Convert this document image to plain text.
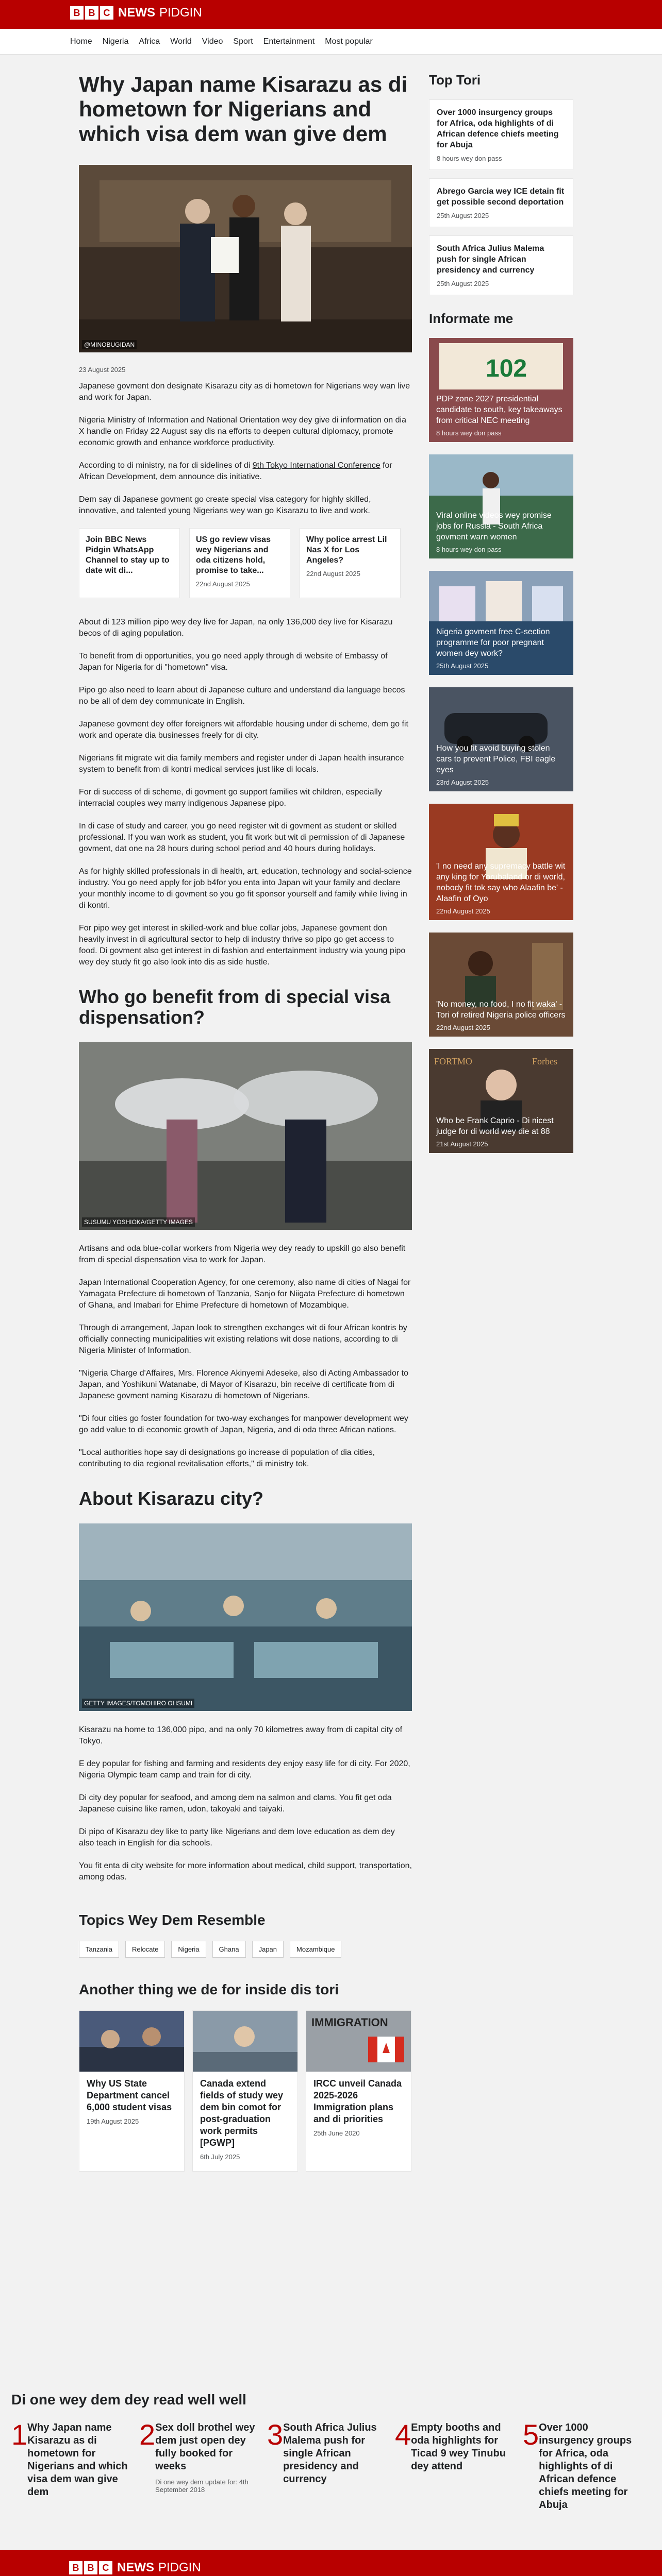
B B C NEWS PIDGIN
Home	Nigeria	Africa	World	Video	Sport	Entertainment	Most popular
Why Japan name Kisarazu as di hometown for Nigerians and which visa dem wan give dem
@MINOBUGIDAN
23 August 2025

Japanese govment don designate Kisarazu city as di hometown for Nigerians wey wan live and work for Japan.

Nigeria Ministry of Information and National Orientation wey dey give di information on dia X handle on Friday 22 August say dis na efforts to deepen cultural diplomacy, promote economic growth and enhance workforce productivity.

According to di ministry, na for di sidelines of di 9th Tokyo International Conference for African Development, dem announce dis initiative.

Dem say di Japanese govment go create special visa category for highly skilled, innovative, and talented young Nigerians wey wan go Kisarazu to live and work.

Join BBC News Pidgin WhatsApp Channel to stay up to date wit di...
US go review visas wey Nigerians and oda citizens hold, promise to take...
22nd August 2025
Why police arrest Lil Nas X for Los Angeles?
22nd August 2025

About di 123 million pipo wey dey live for Japan, na only 136,000 dey live for Kisarazu becos of di aging population.

To benefit from di opportunities, you go need apply through di website of Embassy of Japan for Nigeria for di "hometown" visa.

Pipo go also need to learn about di Japanese culture and understand dia language becos no be all of dem dey communicate in English.

Japanese govment dey offer foreigners wit affordable housing under di scheme, dem go fit work and operate dia businesses freely for di city.

Nigerians fit migrate wit dia family members and register under di Japan health insurance system to benefit from di kontri medical services just like di locals.

For di success of di scheme, di govment go support families wit children, especially interracial couples wey marry indigenous Japanese pipo.

In di case of study and career, you go need register wit di govment as student or skilled professional. If you wan work as student, you fit work but wit di permission of di Japanese govment, dat one na 28 hours during school period and 40 hours during holidays.

As for highly skilled professionals in di health, art, education, technology and social-science industry. You go need apply for job b4for you enta into Japan wit your family and declare your monthly income to di govment so you go fit sponsor yourself and family while living in di kontri.

For pipo wey get interest in skilled-work and blue collar jobs, Japanese govment don heavily invest in di agricultural sector to help di industry thrive so pipo go get access to food. Di govment also get interest in di fashion and entertainment industry wia young pipo wey dey study fit go also look into dis as side hustle.

Who go benefit from di special visa dispensation?
SUSUMU YOSHIOKA/GETTY IMAGES

Artisans and oda blue-collar workers from Nigeria wey dey ready to upskill go also benefit from di special dispensation visa to work for Japan.

Japan International Cooperation Agency, for one ceremony, also name di cities of Nagai for Yamagata Prefecture di hometown of Tanzania, Sanjo for Niigata Prefecture di hometown of Ghana, and Imabari for Ehime Prefecture di hometown of Mozambique.

Through di arrangement, Japan look to strengthen exchanges wit di four African kontris by officially connecting municipalities wit existing relations wit dose nations, according to di Nigeria Minister of Information.

"Nigeria Charge d'Affaires, Mrs. Florence Akinyemi Adeseke, also di Acting Ambassador to Japan, and Yoshikuni Watanabe, di Mayor of Kisarazu, bin receive di certificate from di Japanese govment naming Kisarazu di hometown of Nigerians.

"Di four cities go foster foundation for two-way exchanges for manpower development wey go add value to di economic growth of Japan, Nigeria, and di oda three African nations.

"Local authorities hope say di designations go increase di population of dia cities, contributing to dia regional revitalisation efforts," di ministry tok.

About Kisarazu city?
GETTY IMAGES/TOMOHIRO OHSUMI

Kisarazu na home to 136,000 pipo, and na only 70 kilometres away from di capital city of Tokyo.

E dey popular for fishing and farming and residents dey enjoy easy life for di city. For 2020, Nigeria Olympic team camp and train for di city.

Di city dey popular for seafood, and among dem na salmon and clams. You fit get oda Japanese cuisine like ramen, udon, takoyaki and taiyaki.

Di pipo of Kisarazu dey like to party like Nigerians and dem love education as dem dey also teach in English for dia schools.

You fit enta di city website for more information about medical, child support, transportation, among odas.

Topics Wey Dem Resemble
Tanzania	Relocate	Nigeria	Ghana	Japan	Mozambique
Another thing we de for inside dis tori
Why US State Department cancel 6,000 student visas
19th August 2025
Canada extend fields of study wey dem bin comot for post-graduation work permits [PGWP]
6th July 2025
IMMIGRATION
IRCC unveil Canada 2025-2026 Immigration plans and di priorities
25th June 2020
Top Tori
Over 1000 insurgency groups for Africa, oda highlights of di African defence chiefs meeting for Abuja
8 hours wey don pass
Abrego Garcia wey ICE detain fit get possible second deportation
25th August 2025
South Africa Julius Malema push for single African presidency and currency
25th August 2025
Informate me
102
PDP zone 2027 presidential candidate to south, key takeaways from critical NEC meeting
8 hours wey don pass
Viral online videos wey promise jobs for Russia - South Africa govment warn women
8 hours wey don pass
Nigeria govment free C-section programme for poor pregnant women dey work?
25th August 2025
How you fit avoid buying stolen cars to prevent Police, FBI eagle eyes
23rd August 2025
'I no need any supremacy battle wit any king for Yorubaland or di world, nobody fit tok say who Alaafin be' - Alaafin of Oyo
22nd August 2025
'No money, no food, I no fit waka' - Tori of retired Nigeria police officers
22nd August 2025
FORTMO	Forbes
Who be Frank Caprio - Di nicest judge for di world wey die at 88
21st August 2025
Di one wey dem dey read well well
1 Why Japan name Kisarazu as di hometown for Nigerians and which visa dem wan give dem
2 Sex doll brothel wey dem just open dey fully booked for weeks
Di one wey dem update for: 4th September 2018
3 South Africa Julius Malema push for single African presidency and currency
4 Empty booths and oda highlights for Ticad 9 wey Tinubu dey attend
5 Over 1000 insurgency groups for Africa, oda highlights of di African defence chiefs meeting for Abuja
B B C NEWS PIDGIN
